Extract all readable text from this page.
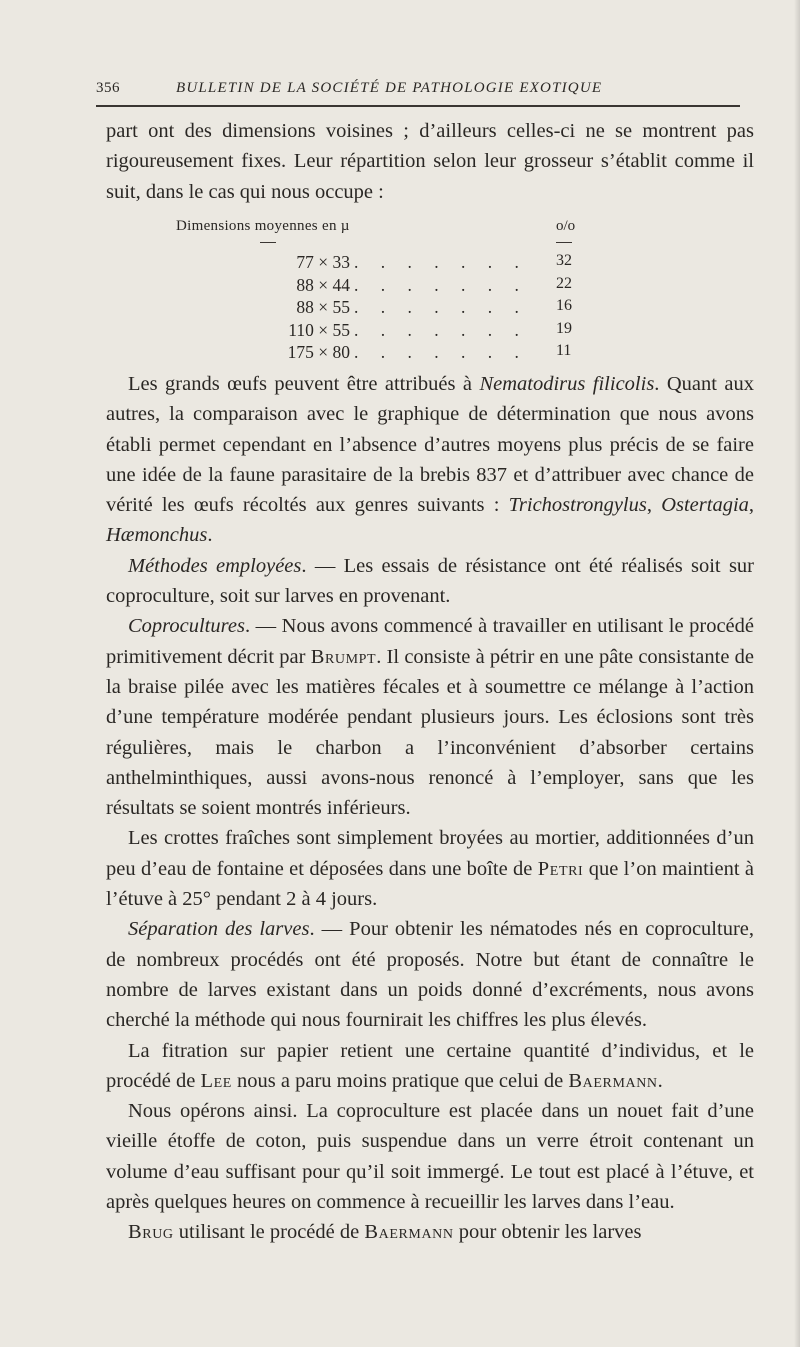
356	BULLETIN DE LA SOCIÉTÉ DE PATHOLOGIE EXOTIQUE

part ont des dimensions voisines ; d’ailleurs celles-ci ne se montrent pas rigoureusement fixes. Leur répartition selon leur grosseur s’établit comme il suit, dans le cas qui nous occupe :

Dimensions moyennes en µ	o/o
77 × 33 . . . . . . . 32
88 × 44 . . . . . . . 22
88 × 55 . . . . . . . 16
110 × 55 . . . . . . . 19
175 × 80 . . . . . . . 11

Les grands œufs peuvent être attribués à Nematodirus filicolis. Quant aux autres, la comparaison avec le graphique de détermination que nous avons établi permet cependant en l’absence d’autres moyens plus précis de se faire une idée de la faune parasitaire de la brebis 837 et d’attribuer avec chance de vérité les œufs récoltés aux genres suivants : Trichostrongylus, Ostertagia, Hæmonchus.

Méthodes employées. — Les essais de résistance ont été réalisés soit sur coproculture, soit sur larves en provenant.

Coprocultures. — Nous avons commencé à travailler en utilisant le procédé primitivement décrit par Brumpt. Il consiste à pétrir en une pâte consistante de la braise pilée avec les matières fécales et à soumettre ce mélange à l’action d’une température modérée pendant plusieurs jours. Les éclosions sont très régulières, mais le charbon a l’inconvénient d’absorber certains anthelminthiques, aussi avons-nous renoncé à l’employer, sans que les résultats se soient montrés inférieurs.

Les crottes fraîches sont simplement broyées au mortier, additionnées d’un peu d’eau de fontaine et déposées dans une boîte de Petri que l’on maintient à l’étuve à 25° pendant 2 à 4 jours.

Séparation des larves. — Pour obtenir les nématodes nés en coproculture, de nombreux procédés ont été proposés. Notre but étant de connaître le nombre de larves existant dans un poids donné d’excréments, nous avons cherché la méthode qui nous fournirait les chiffres les plus élevés.

La fitration sur papier retient une certaine quantité d’individus, et le procédé de Lee nous a paru moins pratique que celui de Baermann.

Nous opérons ainsi. La coproculture est placée dans un nouet fait d’une vieille étoffe de coton, puis suspendue dans un verre étroit contenant un volume d’eau suffisant pour qu’il soit immergé. Le tout est placé à l’étuve, et après quelques heures on commence à recueillir les larves dans l’eau.

Brug utilisant le procédé de Baermann pour obtenir les larves
